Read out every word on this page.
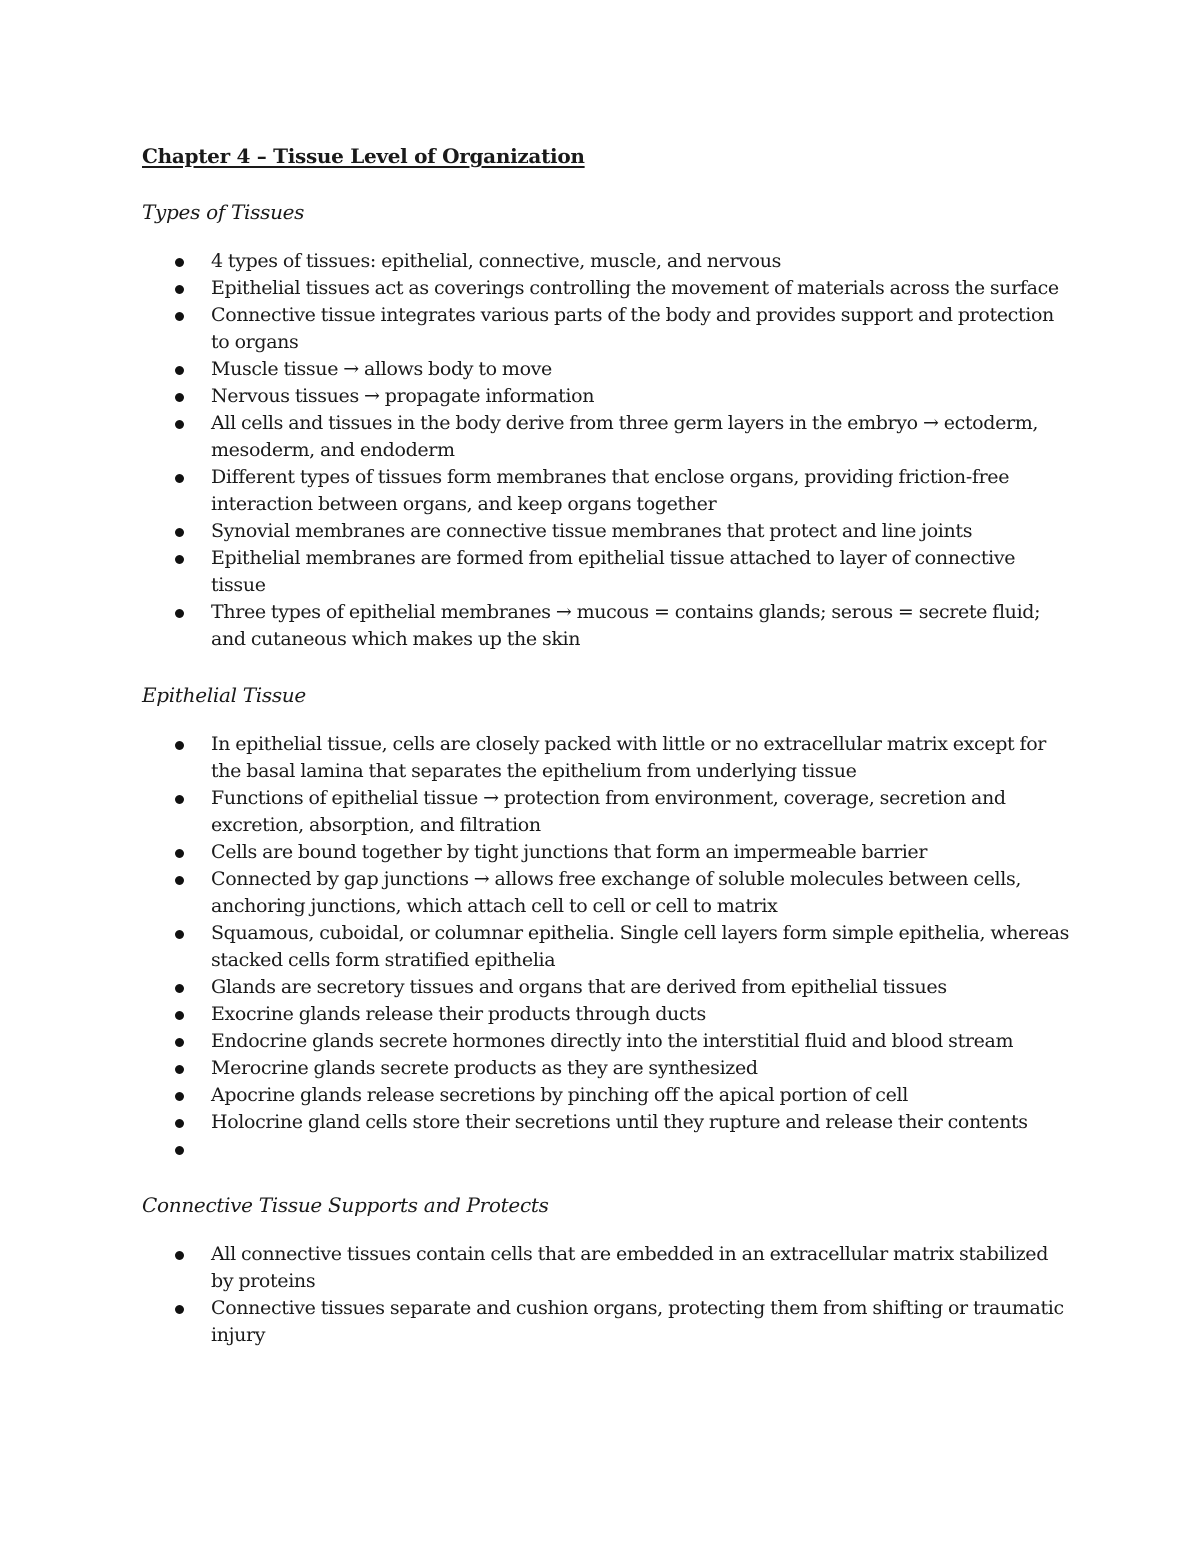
Chapter 4 – Tissue Level of Organization
Types of Tissues
4 types of tissues: epithelial, connective, muscle, and nervous
Epithelial tissues act as coverings controlling the movement of materials across the surface
Connective tissue integrates various parts of the body and provides support and protection to organs
Muscle tissue → allows body to move
Nervous tissues → propagate information
All cells and tissues in the body derive from three germ layers in the embryo → ectoderm, mesoderm, and endoderm
Different types of tissues form membranes that enclose organs, providing friction-free interaction between organs, and keep organs together
Synovial membranes are connective tissue membranes that protect and line joints
Epithelial membranes are formed from epithelial tissue attached to layer of connective tissue
Three types of epithelial membranes → mucous = contains glands; serous = secrete fluid; and cutaneous which makes up the skin
Epithelial Tissue
In epithelial tissue, cells are closely packed with little or no extracellular matrix except for the basal lamina that separates the epithelium from underlying tissue
Functions of epithelial tissue → protection from environment, coverage, secretion and excretion, absorption, and filtration
Cells are bound together by tight junctions that form an impermeable barrier
Connected by gap junctions → allows free exchange of soluble molecules between cells, anchoring junctions, which attach cell to cell or cell to matrix
Squamous, cuboidal, or columnar epithelia. Single cell layers form simple epithelia, whereas stacked cells form stratified epithelia
Glands are secretory tissues and organs that are derived from epithelial tissues
Exocrine glands release their products through ducts
Endocrine glands secrete hormones directly into the interstitial fluid and blood stream
Merocrine glands secrete products as they are synthesized
Apocrine glands release secretions by pinching off the apical portion of cell
Holocrine gland cells store their secretions until they rupture and release their contents
Connective Tissue Supports and Protects
All connective tissues contain cells that are embedded in an extracellular matrix stabilized by proteins
Connective tissues separate and cushion organs, protecting them from shifting or traumatic injury
